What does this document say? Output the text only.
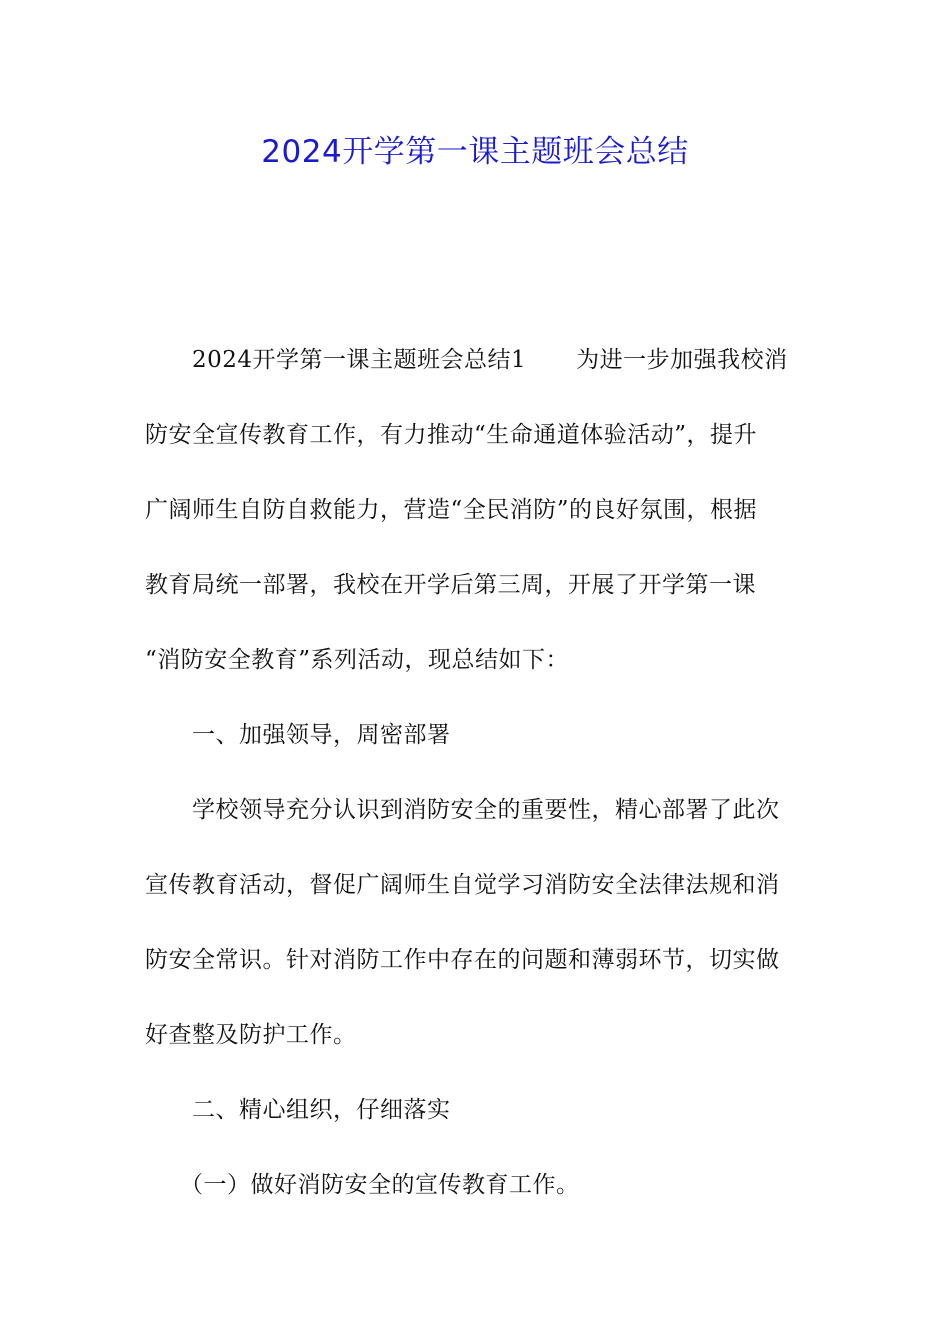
2024开学第一课主题班会总结
2024开学第一课主题班会总结1 为进一步加强我校消
防安全宣传教育工作，有力推动“生命通道体验活动”，提升
广阔师生自防自救能力，营造“全民消防”的良好氛围，根据
教育局统一部署，我校在开学后第三周，开展了开学第一课
“消防安全教育”系列活动，现总结如下：
一、加强领导，周密部署
学校领导充分认识到消防安全的重要性，精心部署了此次
宣传教育活动，督促广阔师生自觉学习消防安全法律法规和消
防安全常识。针对消防工作中存在的问题和薄弱环节，切实做
好查整及防护工作。
二、精心组织，仔细落实
（一）做好消防安全的宣传教育工作。
